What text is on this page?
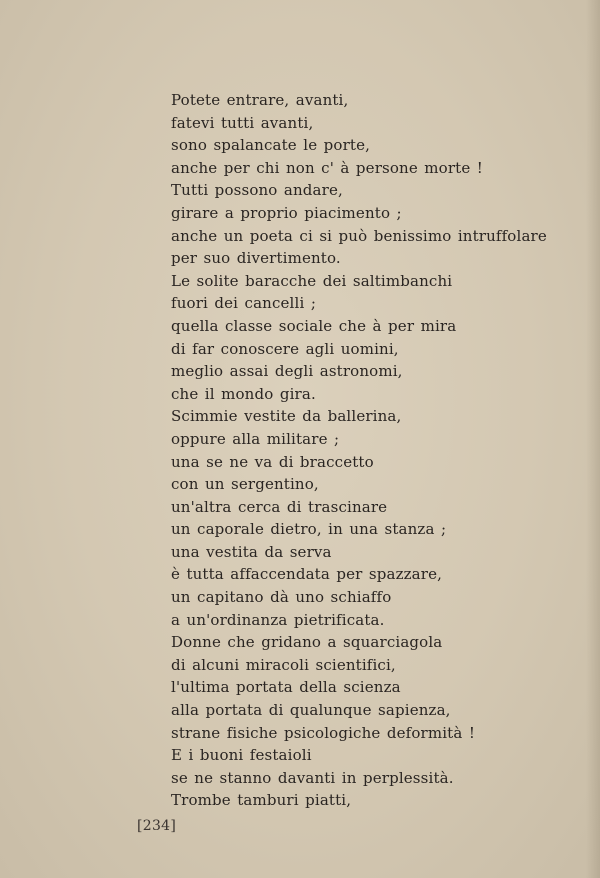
Potete entrare, avanti,
fatevi tutti avanti,
sono spalancate le porte,
anche per chi non c' à persone morte !
Tutti possono andare,
girare a proprio piacimento ;
anche un poeta ci si può benissimo intruffolare
per suo divertimento.
Le solite baracche dei saltimbanchi
fuori dei cancelli ;
quella classe sociale che à per mira
di far conoscere agli uomini,
meglio assai degli astronomi,
che il mondo gira.
Scimmie vestite da ballerina,
oppure alla militare ;
una se ne va di braccetto
con un sergentino,
un'altra cerca di trascinare
un caporale dietro, in una stanza ;
una vestita da serva
è tutta affaccendata per spazzare,
un capitano dà uno schiaffo
a un'ordinanza pietrificata.
Donne che gridano a squarciagola
di alcuni miracoli scientifici,
l'ultima portata della scienza
alla portata di qualunque sapienza,
strane fisiche psicologiche deformità !
E i buoni festaioli
se ne stanno davanti in perplessità.
Trombe tamburi piatti,
[234]
